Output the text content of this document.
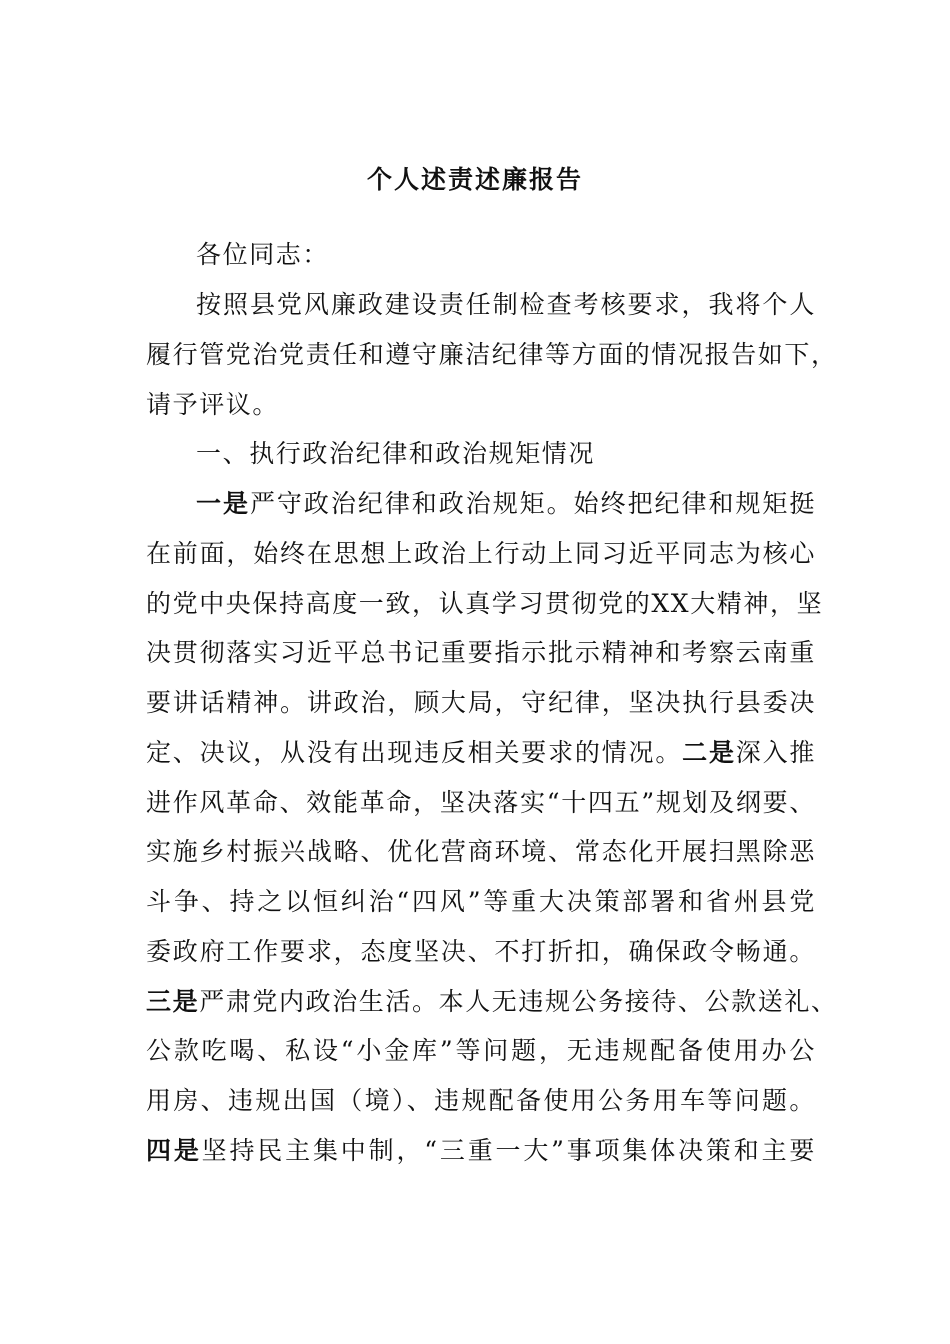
个人述责述廉报告
各位同志：
按照县党风廉政建设责任制检查考核要求，我将个人
履行管党治党责任和遵守廉洁纪律等方面的情况报告如下，
请予评议。
一、执行政治纪律和政治规矩情况
一是严守政治纪律和政治规矩。始终把纪律和规矩挺
在前面，始终在思想上政治上行动上同习近平同志为核心
的党中央保持高度一致，认真学习贯彻党的XX大精神，坚
决贯彻落实习近平总书记重要指示批示精神和考察云南重
要讲话精神。讲政治，顾大局，守纪律，坚决执行县委决
定、决议，从没有出现违反相关要求的情况。二是深入推
进作风革命、效能革命，坚决落实“十四五”规划及纲要、
实施乡村振兴战略、优化营商环境、常态化开展扫黑除恶
斗争、持之以恒纠治“四风”等重大决策部署和省州县党
委政府工作要求，态度坚决、不打折扣，确保政令畅通。
三是严肃党内政治生活。本人无违规公务接待、公款送礼、
公款吃喝、私设“小金库”等问题，无违规配备使用办公
用房、违规出国（境）、违规配备使用公务用车等问题。
四是坚持民主集中制，“三重一大”事项集体决策和主要
